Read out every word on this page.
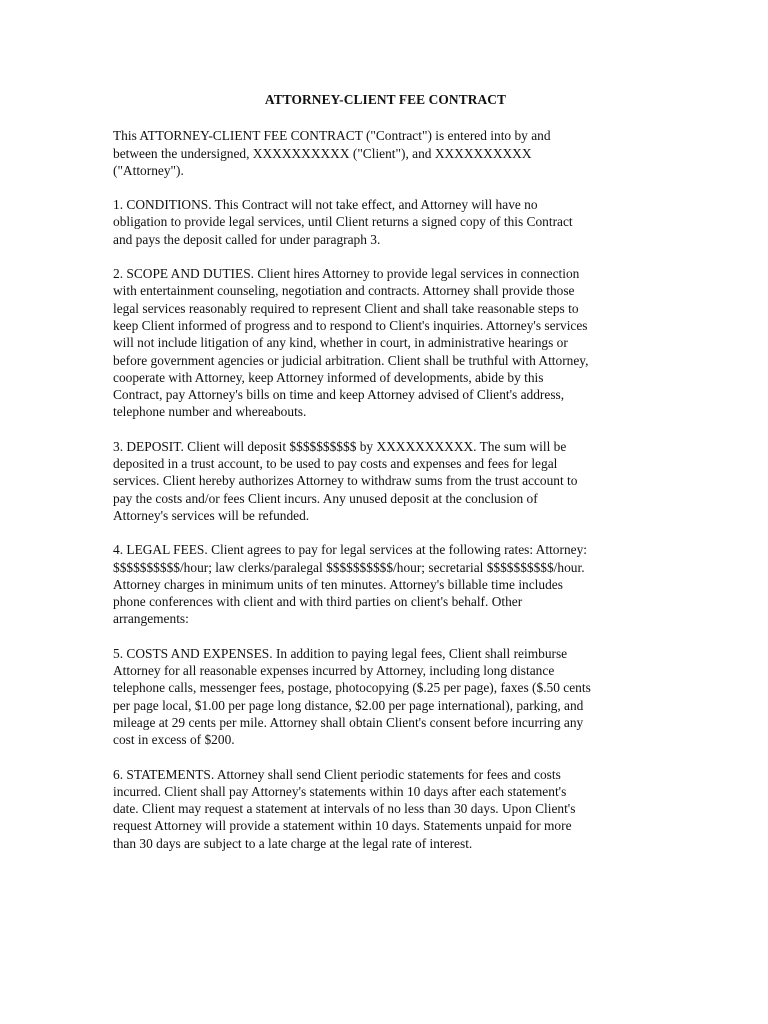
ATTORNEY-CLIENT FEE CONTRACT

This ATTORNEY-CLIENT FEE CONTRACT ("Contract") is entered into by and
between the undersigned, XXXXXXXXXX ("Client"), and XXXXXXXXXX
("Attorney").

1. CONDITIONS. This Contract will not take effect, and Attorney will have no
obligation to provide legal services, until Client returns a signed copy of this Contract
and pays the deposit called for under paragraph 3.

2. SCOPE AND DUTIES. Client hires Attorney to provide legal services in connection
with entertainment counseling, negotiation and contracts. Attorney shall provide those
legal services reasonably required to represent Client and shall take reasonable steps to
keep Client informed of progress and to respond to Client's inquiries. Attorney's services
will not include litigation of any kind, whether in court, in administrative hearings or
before government agencies or judicial arbitration. Client shall be truthful with Attorney,
cooperate with Attorney, keep Attorney informed of developments, abide by this
Contract, pay Attorney's bills on time and keep Attorney advised of Client's address,
telephone number and whereabouts.

3. DEPOSIT. Client will deposit $$$$$$$$$$ by XXXXXXXXXX. The sum will be
deposited in a trust account, to be used to pay costs and expenses and fees for legal
services. Client hereby authorizes Attorney to withdraw sums from the trust account to
pay the costs and/or fees Client incurs. Any unused deposit at the conclusion of
Attorney's services will be refunded.

4. LEGAL FEES. Client agrees to pay for legal services at the following rates: Attorney:
$$$$$$$$$$/hour; law clerks/paralegal $$$$$$$$$$/hour; secretarial $$$$$$$$$$/hour.
Attorney charges in minimum units of ten minutes. Attorney's billable time includes
phone conferences with client and with third parties on client's behalf. Other
arrangements:

5. COSTS AND EXPENSES. In addition to paying legal fees, Client shall reimburse
Attorney for all reasonable expenses incurred by Attorney, including long distance
telephone calls, messenger fees, postage, photocopying ($.25 per page), faxes ($.50 cents
per page local, $1.00 per page long distance, $2.00 per page international), parking, and
mileage at 29 cents per mile. Attorney shall obtain Client's consent before incurring any
cost in excess of $200.

6. STATEMENTS. Attorney shall send Client periodic statements for fees and costs
incurred. Client shall pay Attorney's statements within 10 days after each statement's
date. Client may request a statement at intervals of no less than 30 days. Upon Client's
request Attorney will provide a statement within 10 days. Statements unpaid for more
than 30 days are subject to a late charge at the legal rate of interest.
